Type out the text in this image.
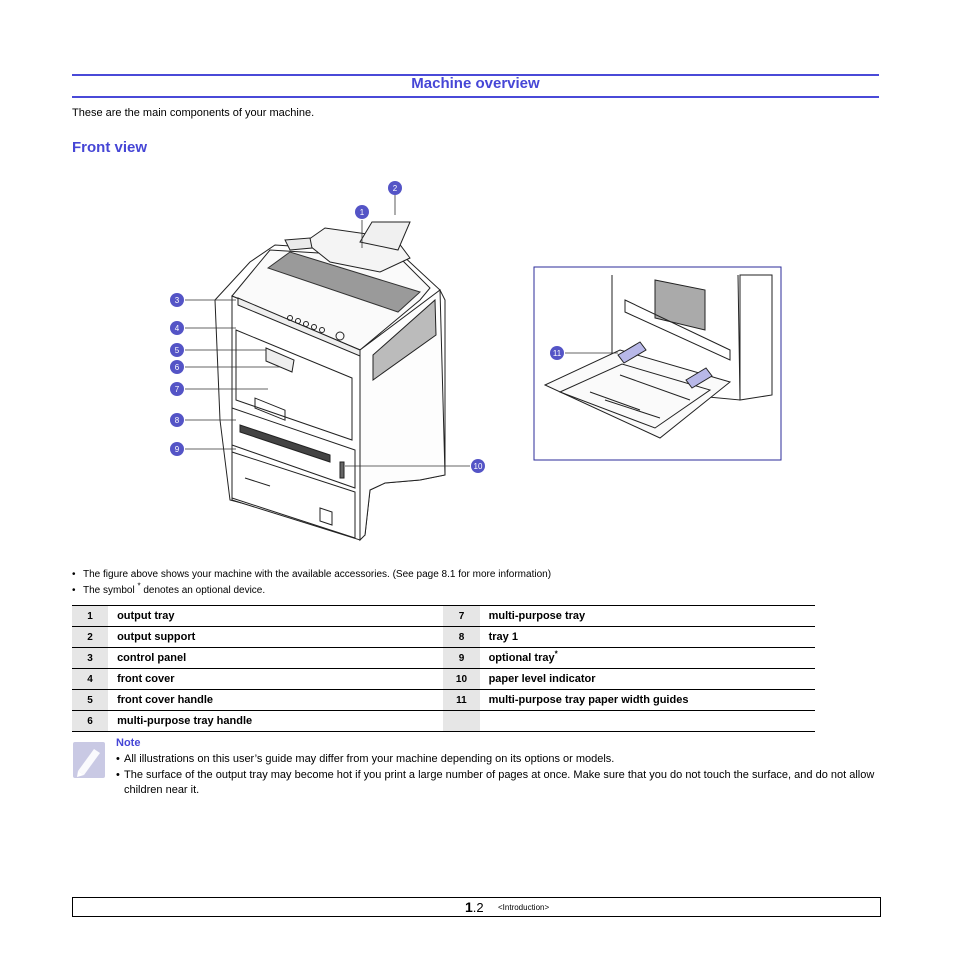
Machine overview
These are the main components of your machine.
Front view
1
2
3
4
5
6
7
8
9
10
11
• The figure above shows your machine with the available accessories. (See page 8.1 for more information)
• The symbol * denotes an optional device.
1	output tray	7	multi-purpose tray
2	output support	8	tray 1
3	control panel	9	optional tray*
4	front cover	10	paper level indicator
5	front cover handle	11	multi-purpose tray paper width guides
6	multi-purpose tray handle		
Note
• All illustrations on this user’s guide may differ from your machine depending on its options or models.
• The surface of the output tray may become hot if you print a large number of pages at once. Make sure that you do not touch the surface, and do not allow children near it.
1.2 <Introduction>
